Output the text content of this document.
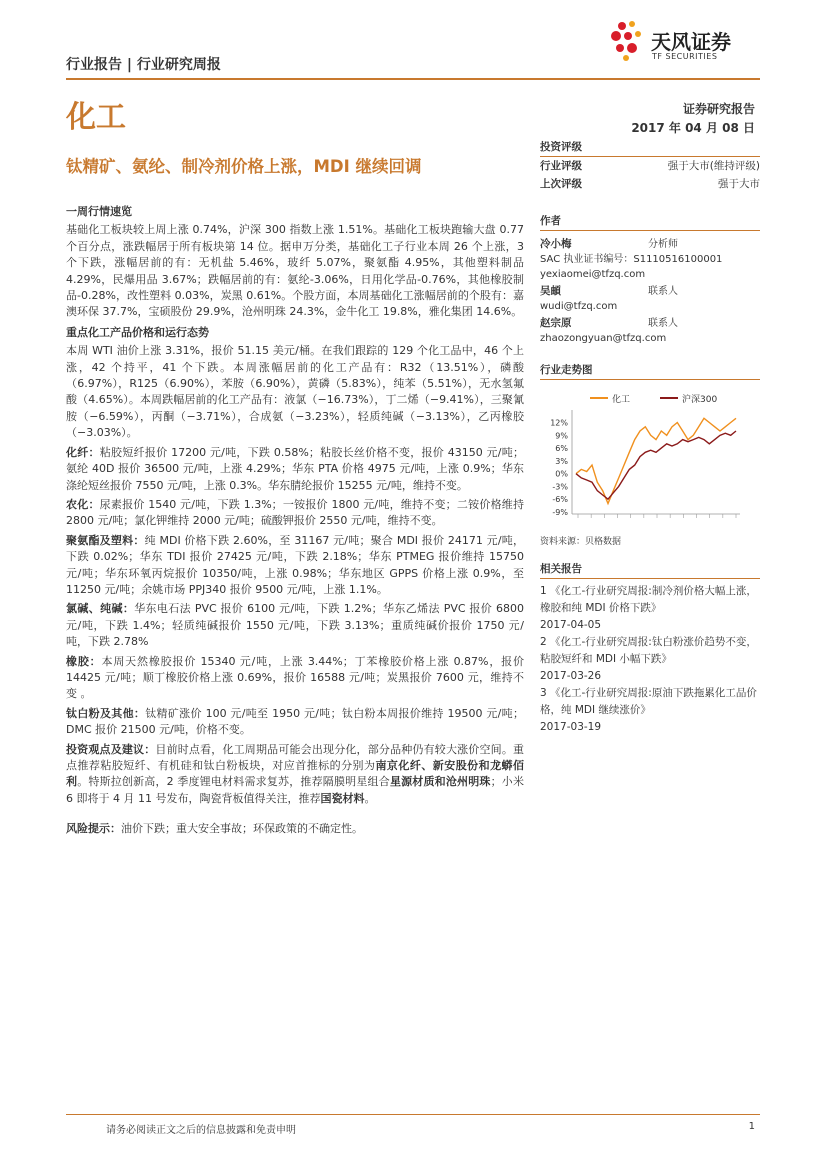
行业报告 | 行业研究周报
天风证券
TF SECURITIES
化工	证券研究报告
2017 年 04 月 08 日
钛精矿、氨纶、制冷剂价格上涨，MDI 继续回调

一周行情速览

基础化工板块较上周上涨 0.74%，沪深 300 指数上涨 1.51%。基础化工板块跑输大盘 0.77 个百分点，涨跌幅居于所有板块第 14 位。据申万分类，基础化工子行业本周 26 个上涨，3 个下跌，涨幅居前的有：无机盐 5.46%，玻纤 5.07%，聚氨酯 4.95%，其他塑料制品 4.29%，民爆用品 3.67%；跌幅居前的有：氨纶-3.06%，日用化学品-0.76%，其他橡胶制品-0.28%，改性塑料 0.03%，炭黑 0.61%。个股方面，本周基础化工涨幅居前的个股有：嘉澳环保 37.7%，宝硕股份 29.9%，沧州明珠 24.3%，金牛化工 19.8%，雅化集团 14.6%。

重点化工产品价格和运行态势

本周 WTI 油价上涨 3.31%，报价 51.15 美元/桶。在我们跟踪的 129 个化工品中，46 个上涨，42 个持平，41 个下跌。本周涨幅居前的化工产品有：R32（13.51%），磷酸（6.97%），R125（6.90%），苯胺（6.90%），黄磷（5.83%），纯苯（5.51%），无水氢氟酸（4.65%）。本周跌幅居前的化工产品有：液氯（−16.73%），丁二烯（−9.41%），三聚氰胺（−6.59%），丙酮（−3.71%），合成氨（−3.23%），轻质纯碱（−3.13%），乙丙橡胶（−3.03%）。

化纤：粘胶短纤报价 17200 元/吨，下跌 0.58%；粘胶长丝价格不变，报价 43150 元/吨；氨纶 40D 报价 36500 元/吨，上涨 4.29%；华东 PTA 价格 4975 元/吨，上涨 0.9%；华东涤纶短丝报价 7550 元/吨，上涨 0.3%。华东腈纶报价 15255 元/吨，维持不变。

农化：尿素报价 1540 元/吨，下跌 1.3%；一铵报价 1800 元/吨，维持不变；二铵价格维持 2800 元/吨；氯化钾维持 2000 元/吨；硫酸钾报价 2550 元/吨，维持不变。

聚氨酯及塑料：纯 MDI 价格下跌 2.60%，至 31167 元/吨；聚合 MDI 报价 24171 元/吨，下跌 0.02%；华东 TDI 报价 27425 元/吨，下跌 2.18%；华东 PTMEG 报价维持 15750 元/吨；华东环氧丙烷报价 10350/吨，上涨 0.98%；华东地区 GPPS 价格上涨 0.9%，至 11250 元/吨；余姚市场 PPJ340 报价 9500 元/吨，上涨 1.1%。

氯碱、纯碱：华东电石法 PVC 报价 6100 元/吨，下跌 1.2%；华东乙烯法 PVC 报价 6800 元/吨，下跌 1.4%；轻质纯碱报价 1550 元/吨，下跌 3.13%；重质纯碱价报价 1750 元/吨，下跌 2.78%

橡胶：本周天然橡胶报价 15340 元/吨，上涨 3.44%；丁苯橡胶价格上涨 0.87%，报价 14425 元/吨；顺丁橡胶价格上涨 0.69%，报价 16588 元/吨；炭黑报价 7600 元，维持不变 。

钛白粉及其他：钛精矿涨价 100 元/吨至 1950 元/吨；钛白粉本周报价维持 19500 元/吨；DMC 报价 21500 元/吨，价格不变。

投资观点及建议：目前时点看，化工周期品可能会出现分化，部分品种仍有较大涨价空间。重点推荐粘胶短纤、有机硅和钛白粉板块，对应首推标的分别为南京化纤、新安股份和龙蟒佰利。特斯拉创新高，2 季度锂电材料需求复苏，推荐隔膜明星组合星源材质和沧州明珠；小米 6 即将于 4 月 11 号发布，陶瓷背板值得关注，推荐国瓷材料。

风险提示：油价下跌；重大安全事故；环保政策的不确定性。

投资评级
行业评级	强于大市(维持评级)
上次评级	强于大市
作者
冷小梅	分析师
SAC 执业证书编号：S1110516100001
yexiaomei@tfzq.com
吴頔	联系人
wudi@tfzq.com
赵宗原	联系人
zhaozongyuan@tfzq.com
行业走势图
化工	沪深300
12%
9%
6%
3%
0%
-3%
-6%
-9%
资料来源：贝格数据
相关报告
1 《化工-行业研究周报:制冷剂价格大幅上涨，橡胶和纯 MDI 价格下跌》
2017-04-05
2 《化工-行业研究周报:钛白粉涨价趋势不变，粘胶短纤和 MDI 小幅下跌》
2017-03-26
3 《化工-行业研究周报:原油下跌拖累化工品价格，纯 MDI 继续涨价》
2017-03-19
请务必阅读正文之后的信息披露和免责申明	1
